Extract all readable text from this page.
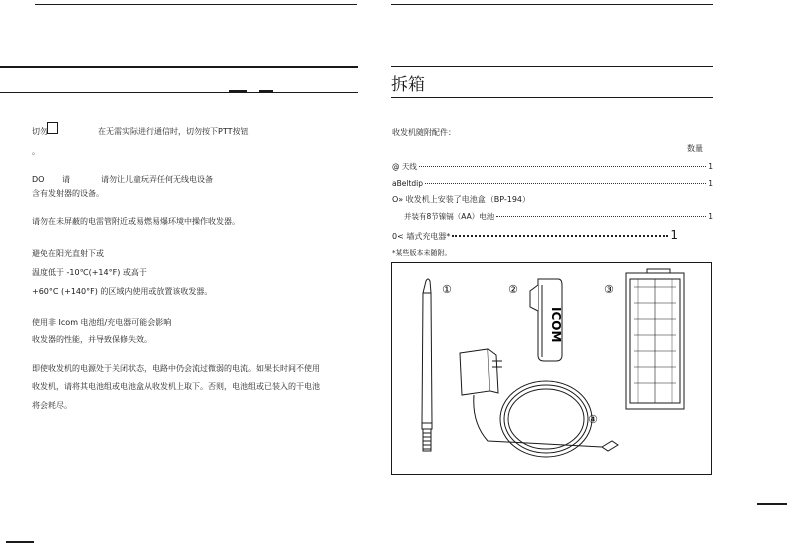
切勿	在无需实际进行通信时，切勿按下PTT按钮
。
DO 请	请勿让儿童玩弄任何无线电设备
含有发射器的设备。
请勿在未屏蔽的电雷管附近或易燃易爆环境中操作收发器。
避免在阳光直射下或
温度低于 -10℃(+14°F) 或高于
+60°C (+140°F) 的区域内使用或放置该收发器。
使用非 Icom 电池组/充电器可能会影响
收发器的性能，并导致保修失效。
即使收发机的电源处于关闭状态，电路中仍会流过微弱的电流。如果长时间不使用
收发机，请将其电池组或电池盒从收发机上取下。否则，电池组或已装入的干电池
将会耗尽。
拆箱
收发机随附配件：
数量
@ 天线	1
aBeltdip	1
O» 收发机上安装了电池盒（BP-194）
并装有8节镍镉（AA）电池	1
0< 墙式充电器*	1
*某些版本未随附。
①	②	③
④
ICOM
